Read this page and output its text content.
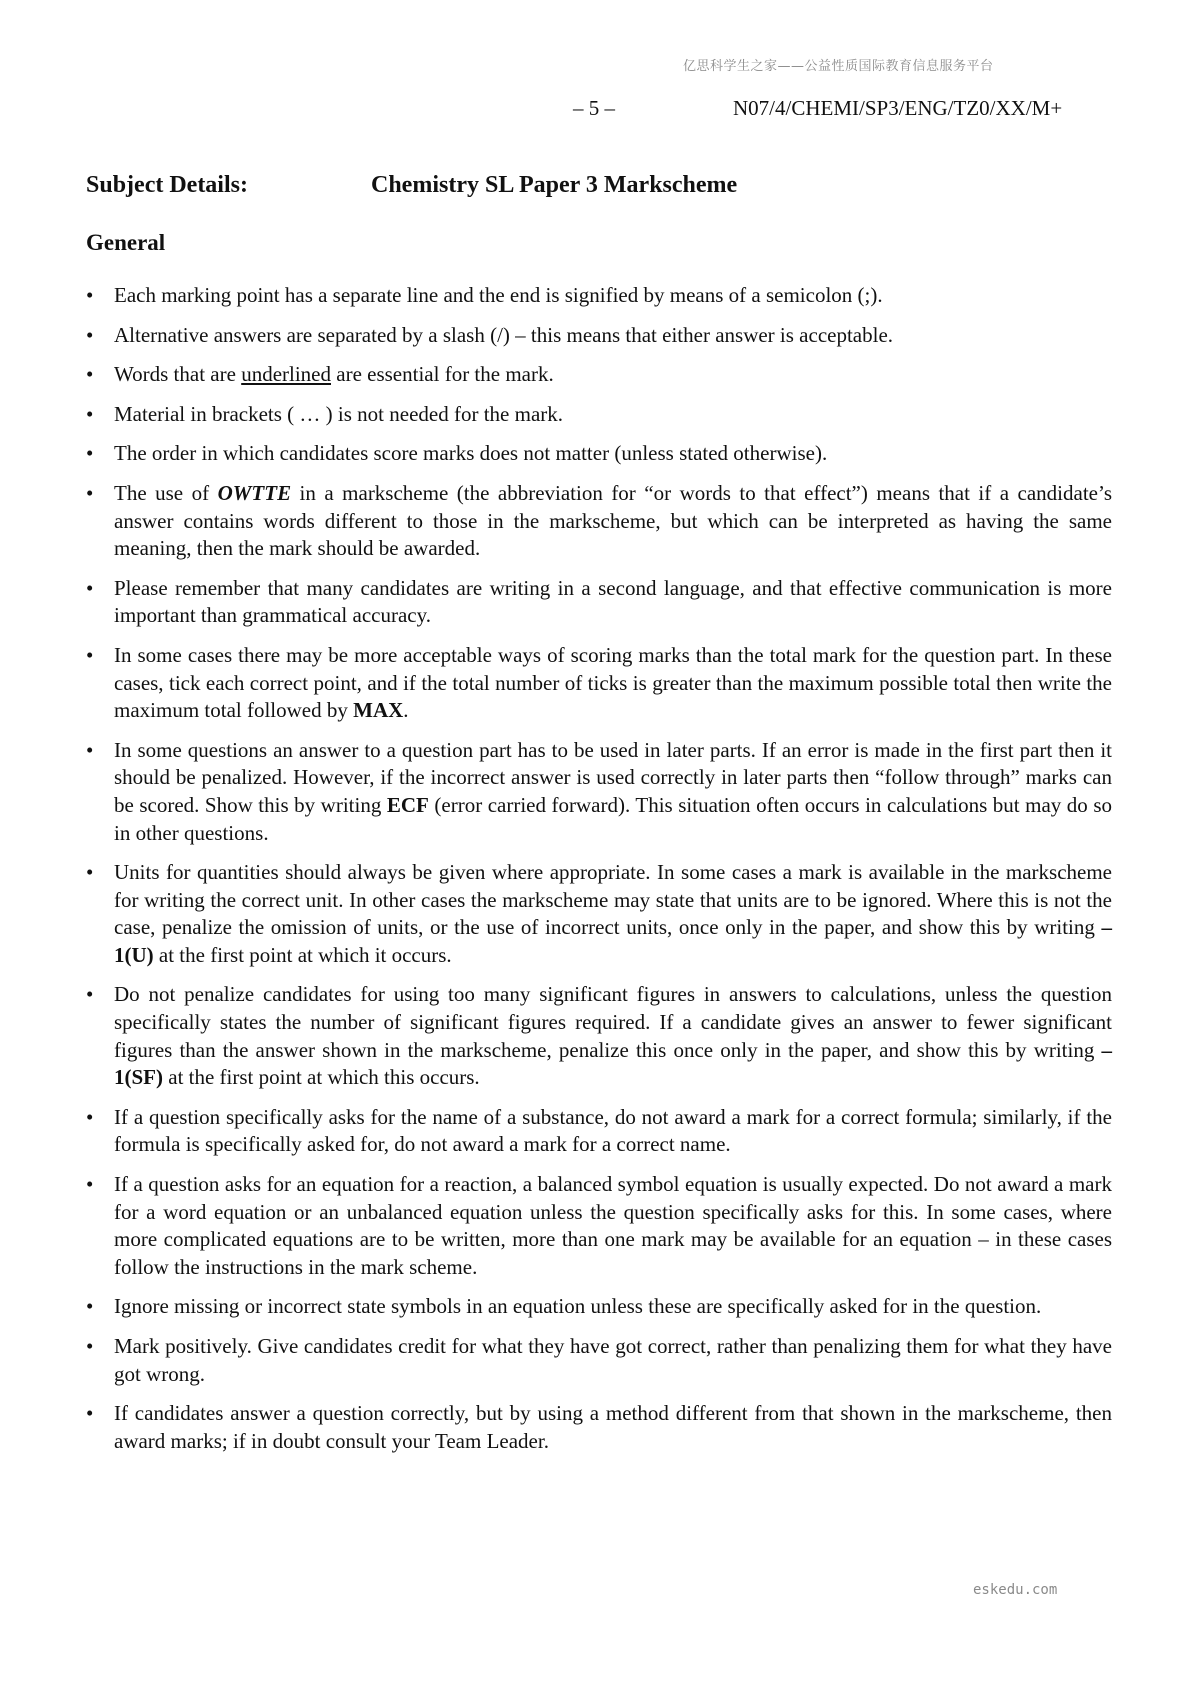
亿思科学生之家——公益性质国际教育信息服务平台
– 5 –	N07/4/CHEMI/SP3/ENG/TZ0/XX/M+
Subject Details:	Chemistry SL Paper 3 Markscheme
General
• Each marking point has a separate line and the end is signified by means of a semicolon (;).
• Alternative answers are separated by a slash (/) – this means that either answer is acceptable.
• Words that are underlined are essential for the mark.
• Material in brackets ( … ) is not needed for the mark.
• The order in which candidates score marks does not matter (unless stated otherwise).
• The use of OWTTE in a markscheme (the abbreviation for “or words to that effect”) means that if a candidate’s answer contains words different to those in the markscheme, but which can be interpreted as having the same meaning, then the mark should be awarded.
• Please remember that many candidates are writing in a second language, and that effective communication is more important than grammatical accuracy.
• In some cases there may be more acceptable ways of scoring marks than the total mark for the question part. In these cases, tick each correct point, and if the total number of ticks is greater than the maximum possible total then write the maximum total followed by MAX.
• In some questions an answer to a question part has to be used in later parts. If an error is made in the first part then it should be penalized. However, if the incorrect answer is used correctly in later parts then “follow through” marks can be scored. Show this by writing ECF (error carried forward). This situation often occurs in calculations but may do so in other questions.
• Units for quantities should always be given where appropriate. In some cases a mark is available in the markscheme for writing the correct unit. In other cases the markscheme may state that units are to be ignored. Where this is not the case, penalize the omission of units, or the use of incorrect units, once only in the paper, and show this by writing –1(U) at the first point at which it occurs.
• Do not penalize candidates for using too many significant figures in answers to calculations, unless the question specifically states the number of significant figures required. If a candidate gives an answer to fewer significant figures than the answer shown in the markscheme, penalize this once only in the paper, and show this by writing –1(SF) at the first point at which this occurs.
• If a question specifically asks for the name of a substance, do not award a mark for a correct formula; similarly, if the formula is specifically asked for, do not award a mark for a correct name.
• If a question asks for an equation for a reaction, a balanced symbol equation is usually expected. Do not award a mark for a word equation or an unbalanced equation unless the question specifically asks for this. In some cases, where more complicated equations are to be written, more than one mark may be available for an equation – in these cases follow the instructions in the mark scheme.
• Ignore missing or incorrect state symbols in an equation unless these are specifically asked for in the question.
• Mark positively. Give candidates credit for what they have got correct, rather than penalizing them for what they have got wrong.
• If candidates answer a question correctly, but by using a method different from that shown in the markscheme, then award marks; if in doubt consult your Team Leader.
eskedu.com
